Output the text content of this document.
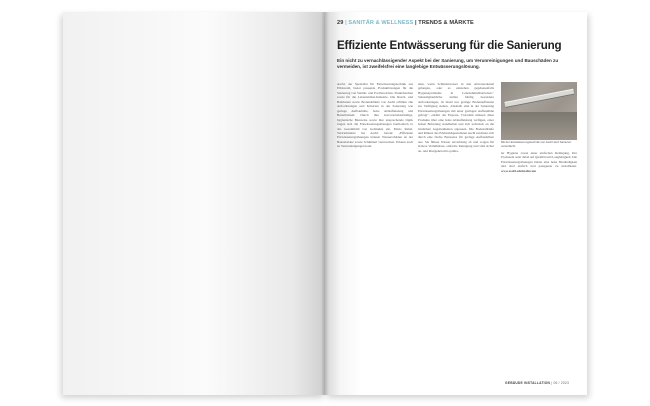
29 | SANITÄR & WELLNESS | TRENDS & MÄRKTE
Effiziente Entwässerung für die Sanierung

Ein nicht zu vernachlässigender Aspekt bei der Sanierung, um Verunreinigungen und Bauschäden zu vermeiden, ist zweifelsfrei eine langlebige Entwässerungslösung.

Aschl, der Spezialist für Entwässerungstechnik aus Eibiswald, bietet passende Produktlösungen für die Sanierung von Sanitär- und Poolbereichen. Punktduschen sowie für die Lebensmittel-Industrie. Die Dusch- und Badrinnen sowie Bodenabläufe von Aschl erfüllen alle Anforderungen und Kriterien in der Sanierung wie geringe Aufbauhöhe, hohe Ablaufleistung und Belastbarkeit. Durch ihre korrosionsbeständige, hygienische Bauweise sowie ihre ansprechende Optik tragen sich die Entwässerungslösungen harmonisch in das Gesamtbild von Gebäuden ein. Mario Rabel, Vertriebsleiter bei Aschl, betont: „Effiziente Entwässerungslösungen können Wasserschäden an der Bausubstanz sowie Schimmel verursachen. Erkenn auch zu Verunreinigungen kom-

men, wenn Schmutzwasser in den Abwasserkanal gelangen, oder es entstehen gegebenenfalls Hygieneprobleme in Lebensmittelbetrieben.“ Seinsubglaubliche stellen häufig besondere Anforderungen, da meist nur geringe Bodenaufbauten zur Verfügung stehen. „Deshalb sind in der Sanierung Entwässerungslösungen mit einer geringen Aufbauhöhe gefragt“, erklärt der Experte. Trotzdem müssen diese Produkte über eine hohe Ablaufleistung verfügen, einer hohen Belastung standhalten und sich technisch an die baulichen Gegebenheiten anpassen. Die Bodenabläufe und Rinnen des Edelstahlspezialisten Aschl zeichnen sich durch eine flache Bauweise für geringe Aufbauhöhen aus. Sie führen Wasser zuverlässig ab und sorgen für sichere Verhältnisse, einfache Reinigung und sind sicher an- und übergehen mit optima-

Mit der Entwässerungstechnik von Aschl wird Sanieren vereinfacht.

ler Hygiene sowie einer einfachen Reinigung. Der Produzent setzt dabei auf Qualität und Langlebigkeit. Die Entwässerungslösungen haben eine hohe Beständigkeit und sind einfach und passgenau zu installieren. www.aschl-edelstahl.com

GEBÄUDE INSTALLATION | 06 / 2023
